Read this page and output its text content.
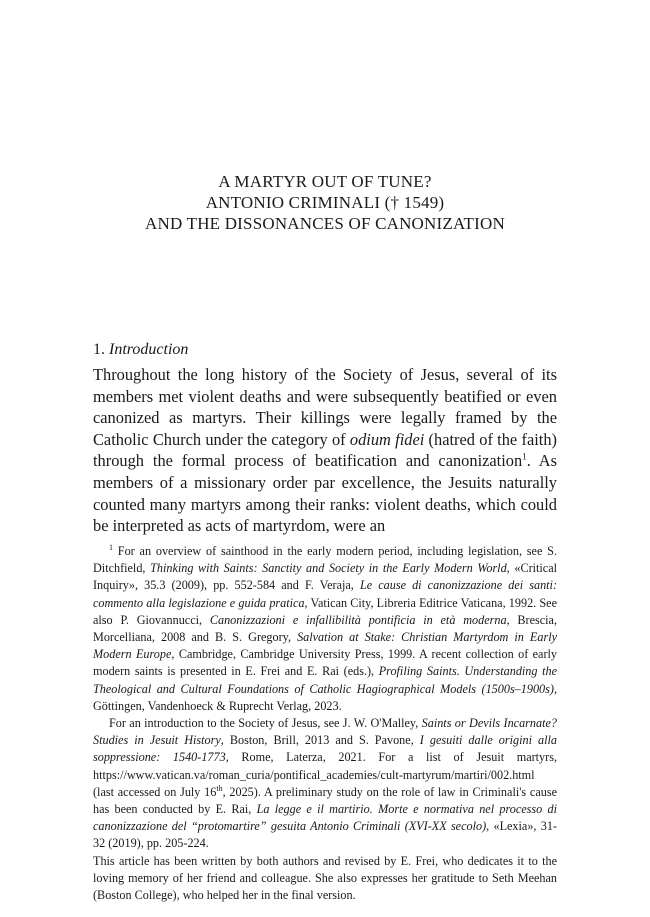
A MARTYR OUT OF TUNE?
ANTONIO CRIMINALI († 1549)
AND THE DISSONANCES OF CANONIZATION
1. Introduction
Throughout the long history of the Society of Jesus, several of its members met violent deaths and were subsequently beatified or even canonized as martyrs. Their killings were legally framed by the Catholic Church under the category of odium fidei (hatred of the faith) through the formal process of beatification and canonization$^1$. As members of a missionary order par excellence, the Jesuits naturally counted many martyrs among their ranks: violent deaths, which could be interpreted as acts of martyrdom, were an

$^1$ For an overview of sainthood in the early modern period, including legislation, see S. Ditchfield, Thinking with Saints: Sanctity and Society in the Early Modern World, «Critical Inquiry», 35.3 (2009), pp. 552-584 and F. Veraja, Le cause di canonizzazione dei santi: commento alla legislazione e guida pratica, Vatican City, Libreria Editrice Vaticana, 1992. See also P. Giovannucci, Canonizzazioni e infallibilità pontificia in età moderna, Brescia, Morcelliana, 2008 and B. S. Gregory, Salvation at Stake: Christian Martyrdom in Early Modern Europe, Cambridge, Cambridge University Press, 1999. A recent collection of early modern saints is presented in E. Frei and E. Rai (eds.), Profiling Saints. Understanding the Theological and Cultural Foundations of Catholic Hagiographical Models (1500s–1900s), Göttingen, Vandenhoeck & Ruprecht Verlag, 2023.

For an introduction to the Society of Jesus, see J. W. O'Malley, Saints or Devils Incarnate? Studies in Jesuit History, Boston, Brill, 2013 and S. Pavone, I gesuiti dalle origini alla soppressione: 1540-1773, Rome, Laterza, 2021. For a list of Jesuit martyrs, https://www.vatican.va/roman_curia/pontifical_academies/cult-martyrum/martiri/002.html (last accessed on July 16th, 2025). A preliminary study on the role of law in Criminali's cause has been conducted by E. Rai, La legge e il martirio. Morte e normativa nel processo di canonizzazione del “protomartire” gesuita Antonio Criminali (XVI-XX secolo), «Lexia», 31-32 (2019), pp. 205-224.

This article has been written by both authors and revised by E. Frei, who dedicates it to the loving memory of her friend and colleague. She also expresses her gratitude to Seth Meehan (Boston College), who helped her in the final version.
